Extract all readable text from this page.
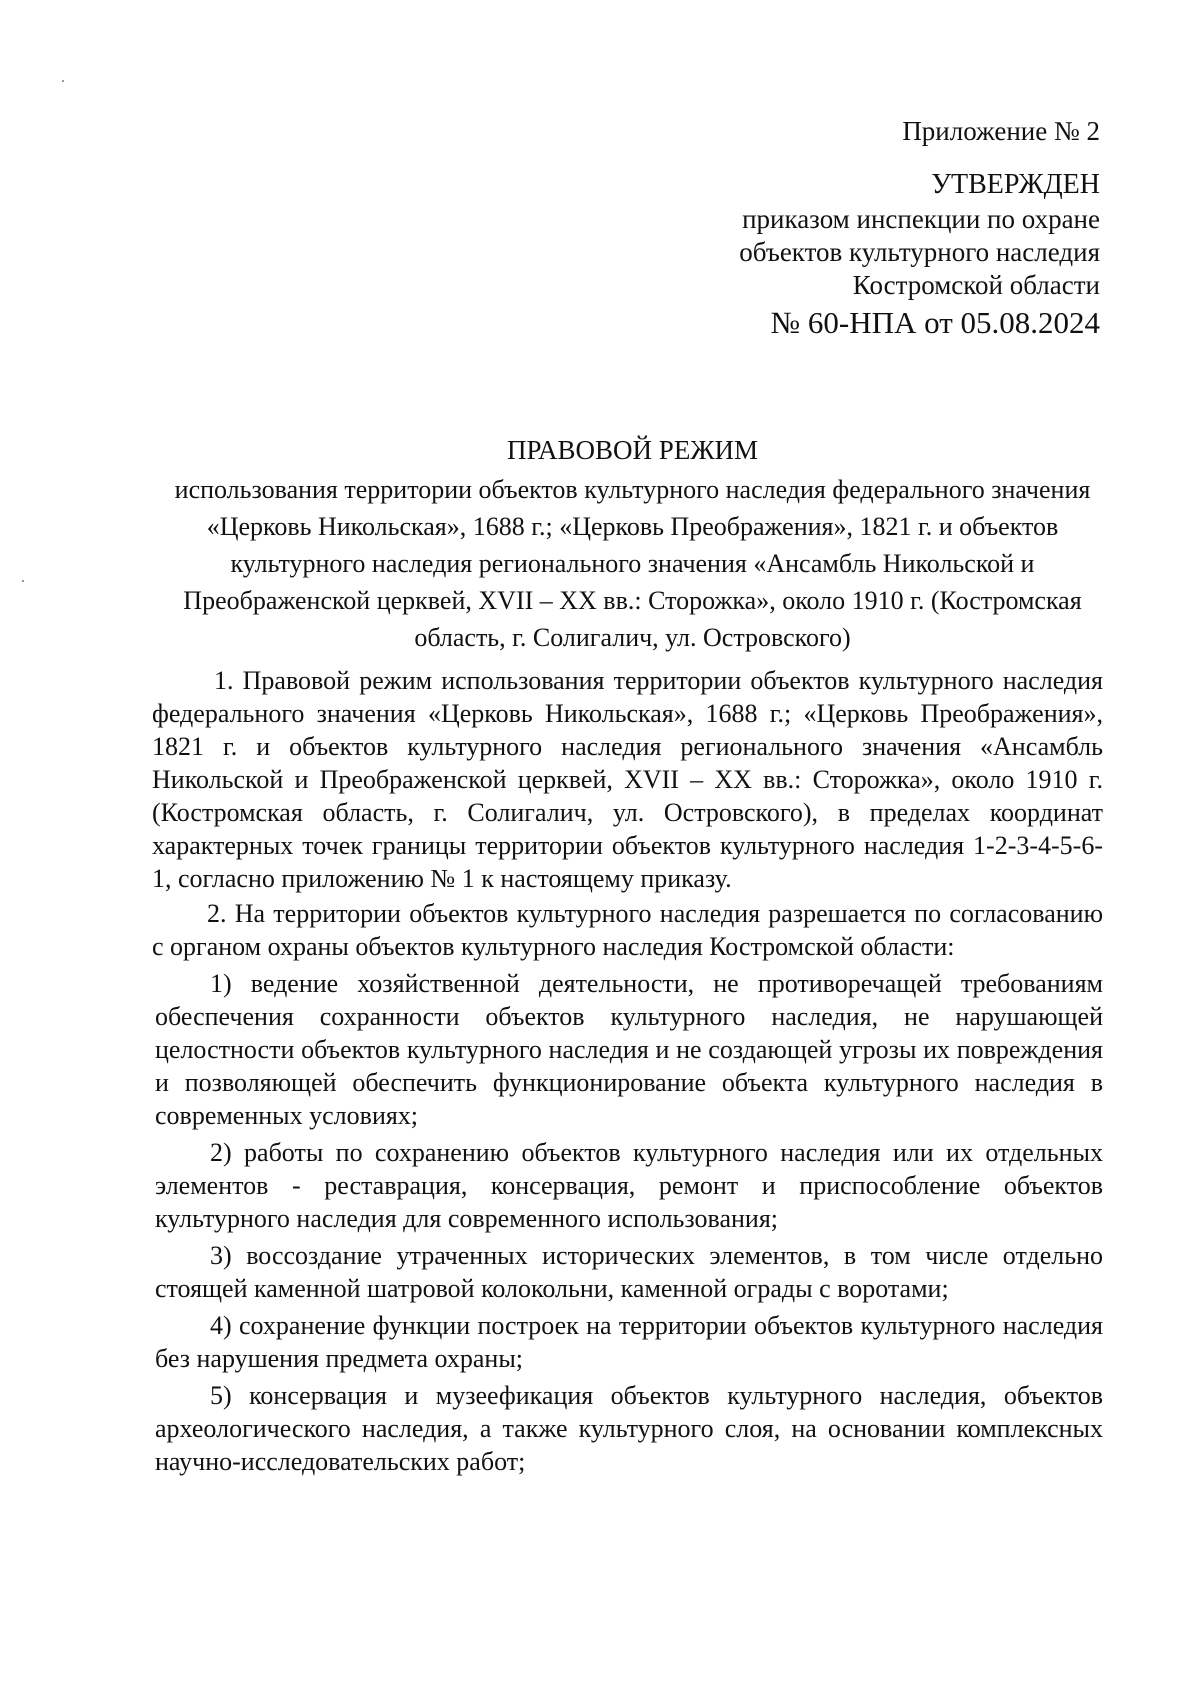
Приложение № 2
УТВЕРЖДЕН
приказом инспекции по охране
объектов культурного наследия
Костромской области
№ 60-НПА от 05.08.2024
ПРАВОВОЙ РЕЖИМ
использования территории объектов культурного наследия федерального значения «Церковь Никольская», 1688 г.; «Церковь Преображения», 1821 г. и объектов культурного наследия регионального значения «Ансамбль Никольской и Преображенской церквей, XVII – XX вв.: Сторожка», около 1910 г. (Костромская область, г. Солигалич, ул. Островского)

1. Правовой режим использования территории объектов культурного наследия федерального значения «Церковь Никольская», 1688 г.; «Церковь Преображения», 1821 г. и объектов культурного наследия регионального значения «Ансамбль Никольской и Преображенской церквей, XVII – XX вв.: Сторожка», около 1910 г. (Костромская область, г. Солигалич, ул. Островского), в пределах координат характерных точек границы территории объектов культурного наследия 1-2-3-4-5-6-1, согласно приложению № 1 к настоящему приказу.

2. На территории объектов культурного наследия разрешается по согласованию с органом охраны объектов культурного наследия Костромской области:

1) ведение хозяйственной деятельности, не противоречащей требованиям обеспечения сохранности объектов культурного наследия, не нарушающей целостности объектов культурного наследия и не создающей угрозы их повреждения и позволяющей обеспечить функционирование объекта культурного наследия в современных условиях;

2) работы по сохранению объектов культурного наследия или их отдельных элементов - реставрация, консервация, ремонт и приспособление объектов культурного наследия для современного использования;

3) воссоздание утраченных исторических элементов, в том числе отдельно стоящей каменной шатровой колокольни, каменной ограды с воротами;

4) сохранение функции построек на территории объектов культурного наследия без нарушения предмета охраны;

5) консервация и музеефикация объектов культурного наследия, объектов археологического наследия, а также культурного слоя, на основании комплексных научно-исследовательских работ;
